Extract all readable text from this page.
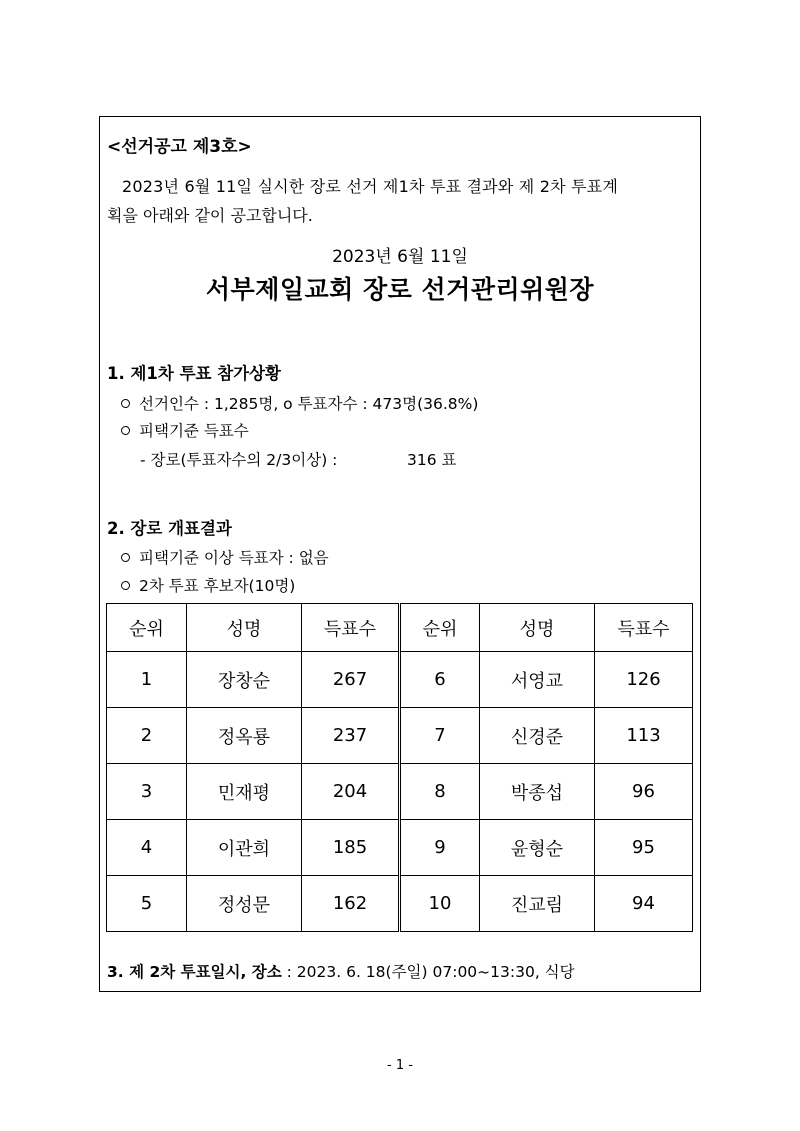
<선거공고 제3호>
2023년 6월 11일 실시한 장로 선거 제1차 투표 결과와 제 2차 투표계
획을 아래와 같이 공고합니다.
2023년 6월 11일
서부제일교회 장로 선거관리위원장
1. 제1차 투표 참가상황
선거인수 : 1,285명, o 투표자수 : 473명(36.8%)
피택기준 득표수
- 장로(투표자수의 2/3이상) :	316 표
2. 장로 개표결과
피택기준 이상 득표자 : 없음
2차 투표 후보자(10명)
순위	성명	득표수	순위	성명	득표수
1	장창순	267	6	서영교	126
2	정옥룡	237	7	신경준	113
3	민재평	204	8	박종섭	96
4	이관희	185	9	윤형순	95
5	정성문	162	10	진교림	94
3. 제 2차 투표일시, 장소 : 2023. 6. 18(주일) 07:00~13:30, 식당
- 1 -
